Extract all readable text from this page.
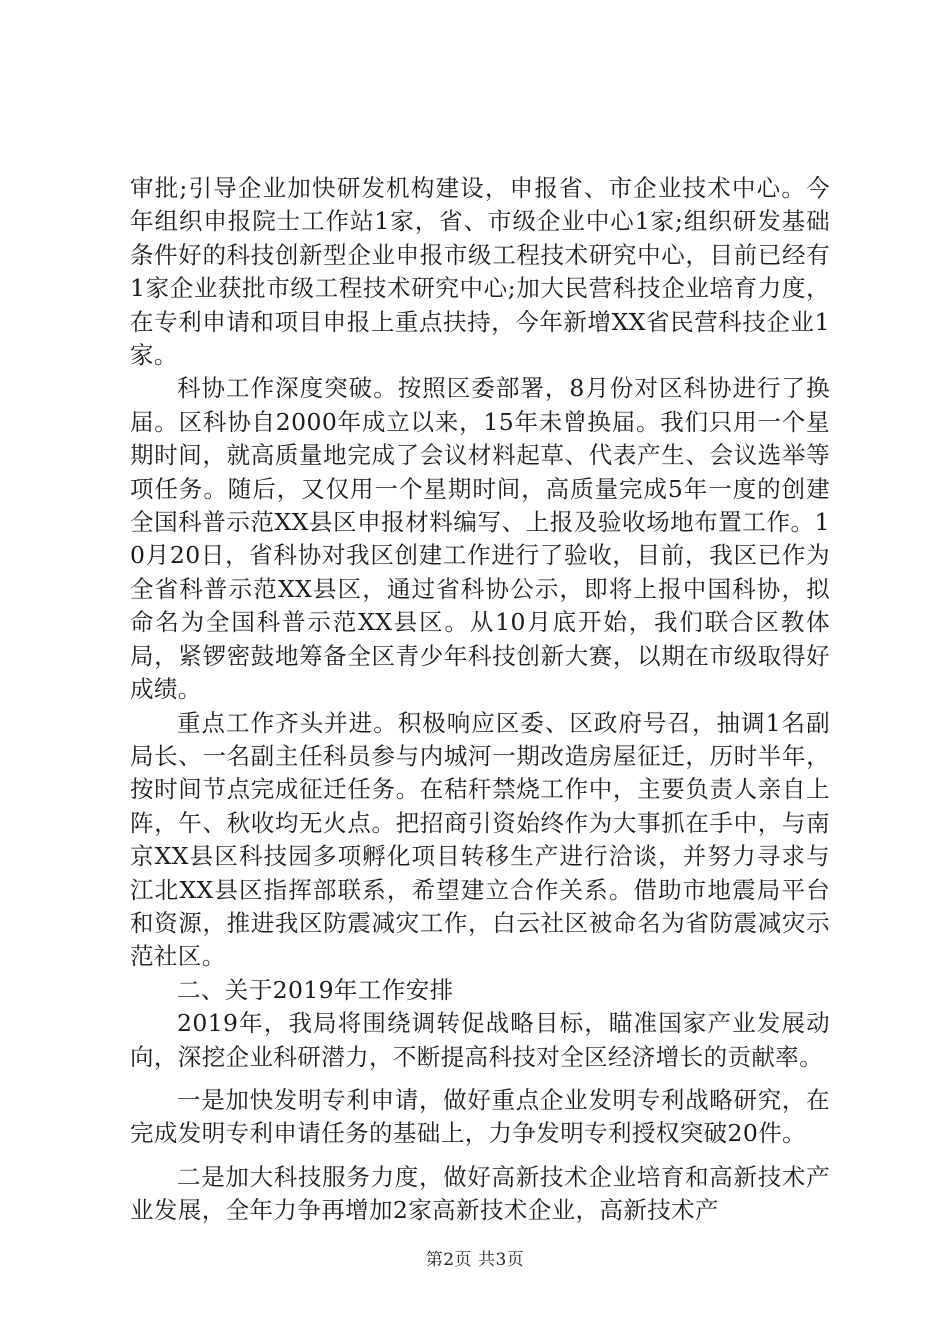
审批;引导企业加快研发机构建设，申报省、市企业技术中心。今年组织申报院士工作站1家，省、市级企业中心1家;组织研发基础条件好的科技创新型企业申报市级工程技术研究中心，目前已经有1家企业获批市级工程技术研究中心;加大民营科技企业培育力度，在专利申请和项目申报上重点扶持，今年新增XX省民营科技企业1家。

科协工作深度突破。按照区委部署，8月份对区科协进行了换届。区科协自2000年成立以来，15年未曾换届。我们只用一个星期时间，就高质量地完成了会议材料起草、代表产生、会议选举等项任务。随后，又仅用一个星期时间，高质量完成5年一度的创建全国科普示范XX县区申报材料编写、上报及验收场地布置工作。10月20日，省科协对我区创建工作进行了验收，目前，我区已作为全省科普示范XX县区，通过省科协公示，即将上报中国科协，拟命名为全国科普示范XX县区。从10月底开始，我们联合区教体局，紧锣密鼓地筹备全区青少年科技创新大赛，以期在市级取得好成绩。

重点工作齐头并进。积极响应区委、区政府号召，抽调1名副局长、一名副主任科员参与内城河一期改造房屋征迁，历时半年，按时间节点完成征迁任务。在秸秆禁烧工作中，主要负责人亲自上阵，午、秋收均无火点。把招商引资始终作为大事抓在手中，与南京XX县区科技园多项孵化项目转移生产进行洽谈，并努力寻求与江北XX县区指挥部联系，希望建立合作关系。借助市地震局平台和资源，推进我区防震减灾工作，白云社区被命名为省防震减灾示范社区。

二、关于2019年工作安排

2019年，我局将围绕调转促战略目标，瞄准国家产业发展动向，深挖企业科研潜力，不断提高科技对全区经济增长的贡献率。

一是加快发明专利申请，做好重点企业发明专利战略研究，在完成发明专利申请任务的基础上，力争发明专利授权突破20件。

二是加大科技服务力度，做好高新技术企业培育和高新技术产业发展，全年力争再增加2家高新技术企业，高新技术产

第2页 共3页
